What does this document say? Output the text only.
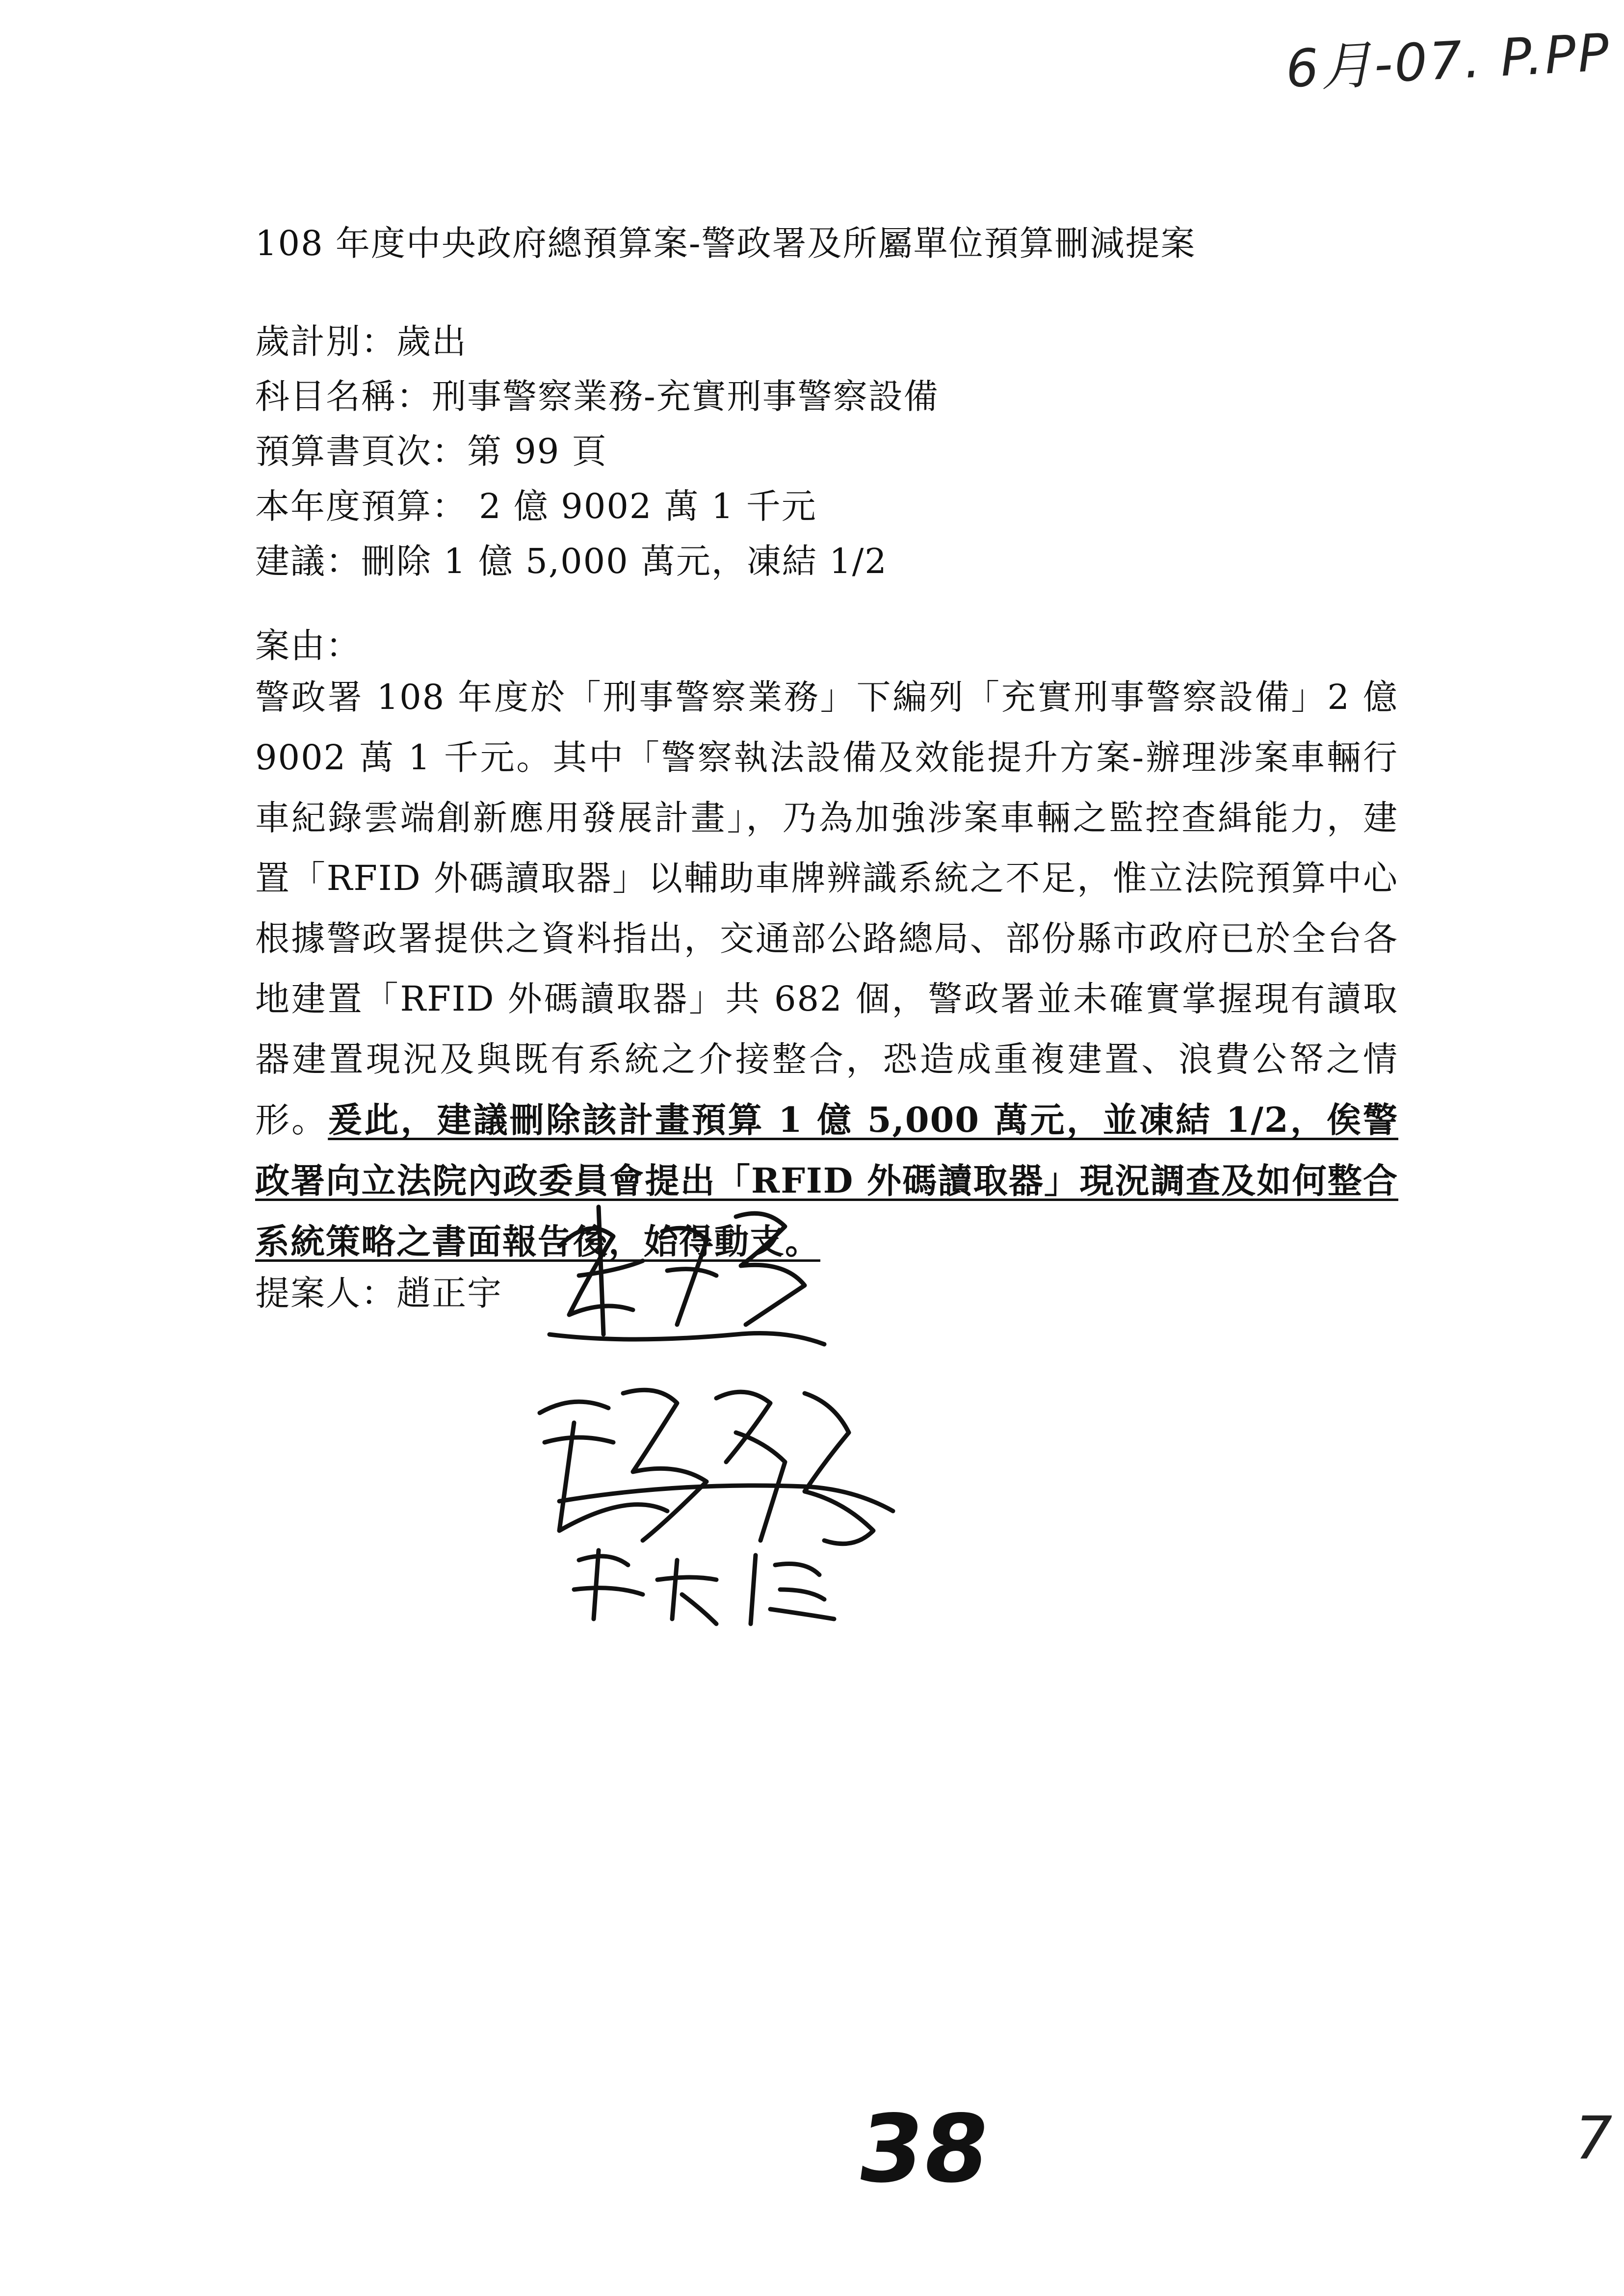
6月-07. P.PP
108 年度中央政府總預算案-警政署及所屬單位預算刪減提案
歲計別：歲出
科目名稱：刑事警察業務-充實刑事警察設備
預算書頁次：第 99 頁
本年度預算： 2 億 9002 萬 1 千元
建議：刪除 1 億 5,000 萬元，凍結 1/2
案由：
警政署 108 年度於「刑事警察業務」下編列「充實刑事警察設備」2 億 9002 萬 1 千元。其中「警察執法設備及效能提升方案-辦理涉案車輛行車紀錄雲端創新應用發展計畫」，乃為加強涉案車輛之監控查緝能力，建置「RFID 外碼讀取器」以輔助車牌辨識系統之不足，惟立法院預算中心根據警政署提供之資料指出，交通部公路總局、部份縣市政府已於全台各地建置「RFID 外碼讀取器」共 682 個，警政署並未確實掌握現有讀取器建置現況及與既有系統之介接整合，恐造成重複建置、浪費公帑之情形。爰此，建議刪除該計畫預算 1 億 5,000 萬元，並凍結 1/2，俟警政署向立法院內政委員會提出「RFID 外碼讀取器」現況調查及如何整合系統策略之書面報告後，始得動支。
提案人：趙正宇
38	7
